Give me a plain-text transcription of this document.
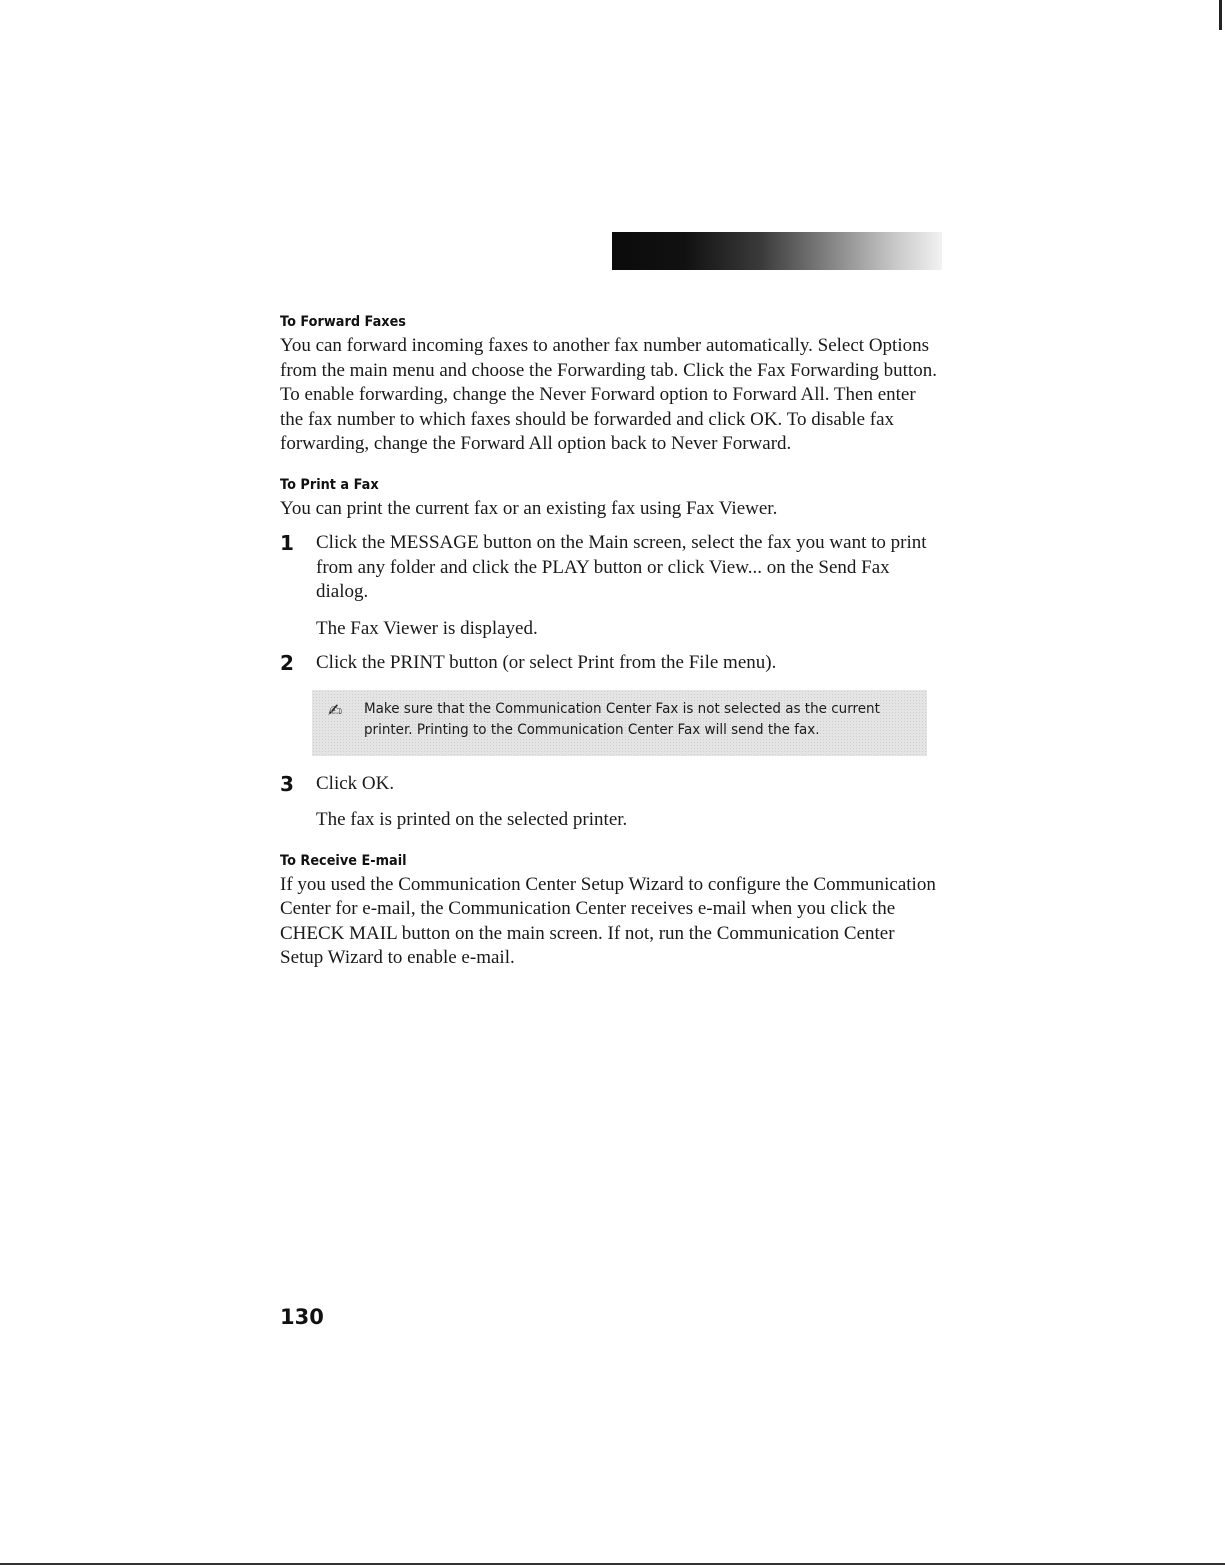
To Forward Faxes

You can forward incoming faxes to another fax number automatically. Select Options from the main menu and choose the Forwarding tab. Click the Fax Forwarding button. To enable forwarding, change the Never Forward option to Forward All. Then enter the fax number to which faxes should be forwarded and click OK. To disable fax forwarding, change the Forward All option back to Never Forward.

To Print a Fax

You can print the current fax or an existing fax using Fax Viewer.

1 Click the MESSAGE button on the Main screen, select the fax you want to print from any folder and click the PLAY button or click View... on the Send Fax dialog.

The Fax Viewer is displayed.

2 Click the PRINT button (or select Print from the File menu).

✍ Make sure that the Communication Center Fax is not selected as the current printer. Printing to the Communication Center Fax will send the fax.

3 Click OK.

The fax is printed on the selected printer.

To Receive E-mail

If you used the Communication Center Setup Wizard to configure the Communication Center for e-mail, the Communication Center receives e-mail when you click the CHECK MAIL button on the main screen. If not, run the Communication Center Setup Wizard to enable e-mail.

130
